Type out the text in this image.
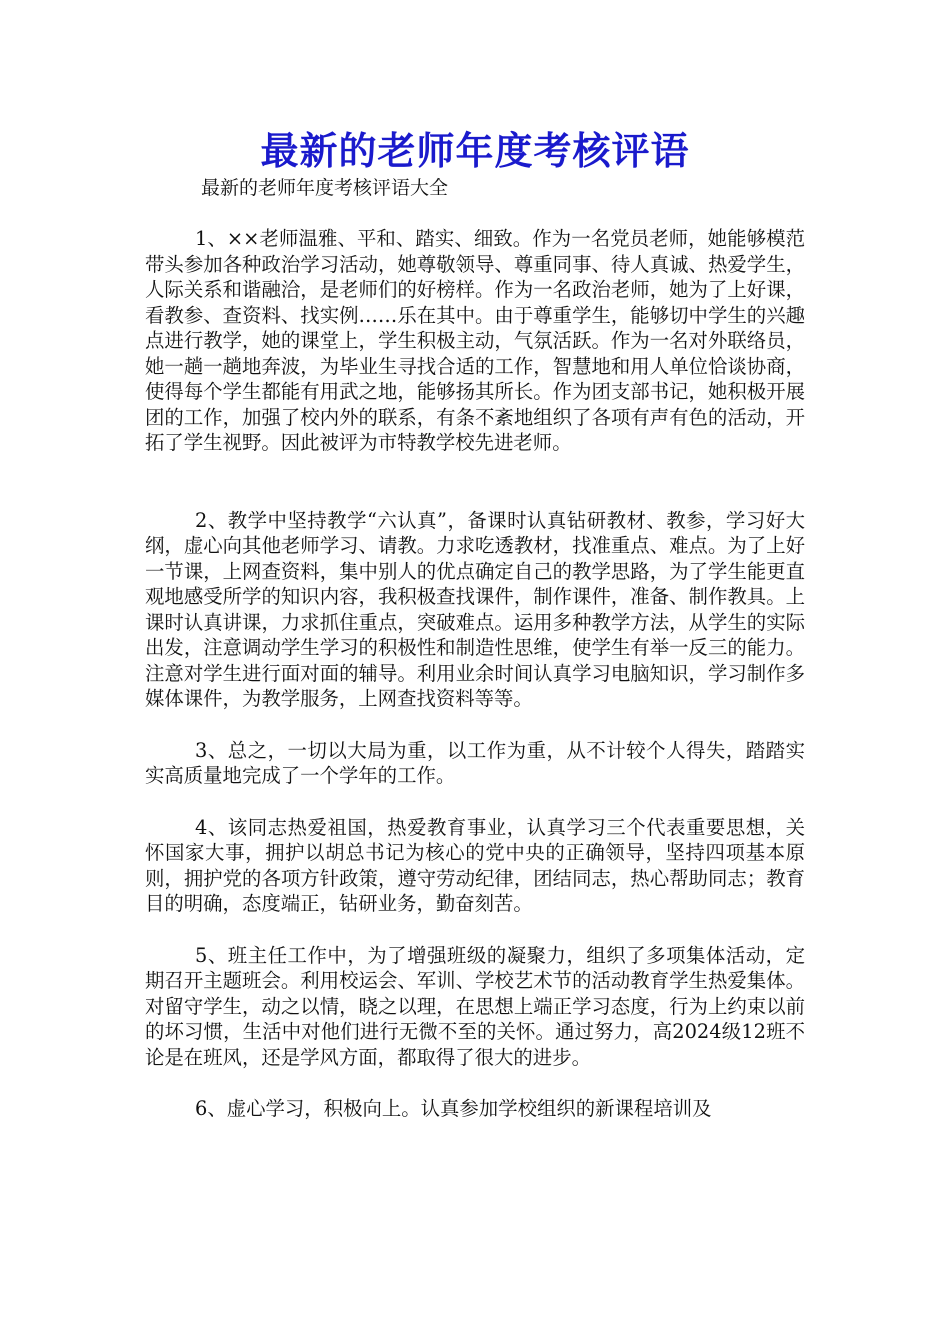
最新的老师年度考核评语

最新的老师年度考核评语大全

1、××老师温雅、平和、踏实、细致。作为一名党员老师，她能够模范带头参加各种政治学习活动，她尊敬领导、尊重同事、待人真诚、热爱学生，人际关系和谐融洽，是老师们的好榜样。作为一名政治老师，她为了上好课，看教参、查资料、找实例……乐在其中。由于尊重学生，能够切中学生的兴趣点进行教学，她的课堂上，学生积极主动，气氛活跃。作为一名对外联络员，她一趟一趟地奔波，为毕业生寻找合适的工作，智慧地和用人单位恰谈协商，使得每个学生都能有用武之地，能够扬其所长。作为团支部书记，她积极开展团的工作，加强了校内外的联系，有条不紊地组织了各项有声有色的活动，开拓了学生视野。因此被评为市特教学校先进老师。

2、教学中坚持教学“六认真”，备课时认真钻研教材、教参，学习好大纲，虚心向其他老师学习、请教。力求吃透教材，找准重点、难点。为了上好一节课，上网查资料，集中别人的优点确定自己的教学思路，为了学生能更直观地感受所学的知识内容，我积极查找课件，制作课件，准备、制作教具。上课时认真讲课，力求抓住重点，突破难点。运用多种教学方法，从学生的实际出发，注意调动学生学习的积极性和制造性思维，使学生有举一反三的能力。注意对学生进行面对面的辅导。利用业余时间认真学习电脑知识，学习制作多媒体课件，为教学服务，上网查找资料等等。

3、总之，一切以大局为重，以工作为重，从不计较个人得失，踏踏实实高质量地完成了一个学年的工作。

4、该同志热爱祖国，热爱教育事业，认真学习三个代表重要思想，关怀国家大事，拥护以胡总书记为核心的党中央的正确领导，坚持四项基本原则，拥护党的各项方针政策，遵守劳动纪律，团结同志，热心帮助同志；教育目的明确，态度端正，钻研业务，勤奋刻苦。

5、班主任工作中，为了增强班级的凝聚力，组织了多项集体活动，定期召开主题班会。利用校运会、军训、学校艺术节的活动教育学生热爱集体。对留守学生，动之以情，晓之以理，在思想上端正学习态度，行为上约束以前的坏习惯，生活中对他们进行无微不至的关怀。通过努力，高2024级12班不论是在班风，还是学风方面，都取得了很大的进步。

6、虚心学习，积极向上。认真参加学校组织的新课程培训及
